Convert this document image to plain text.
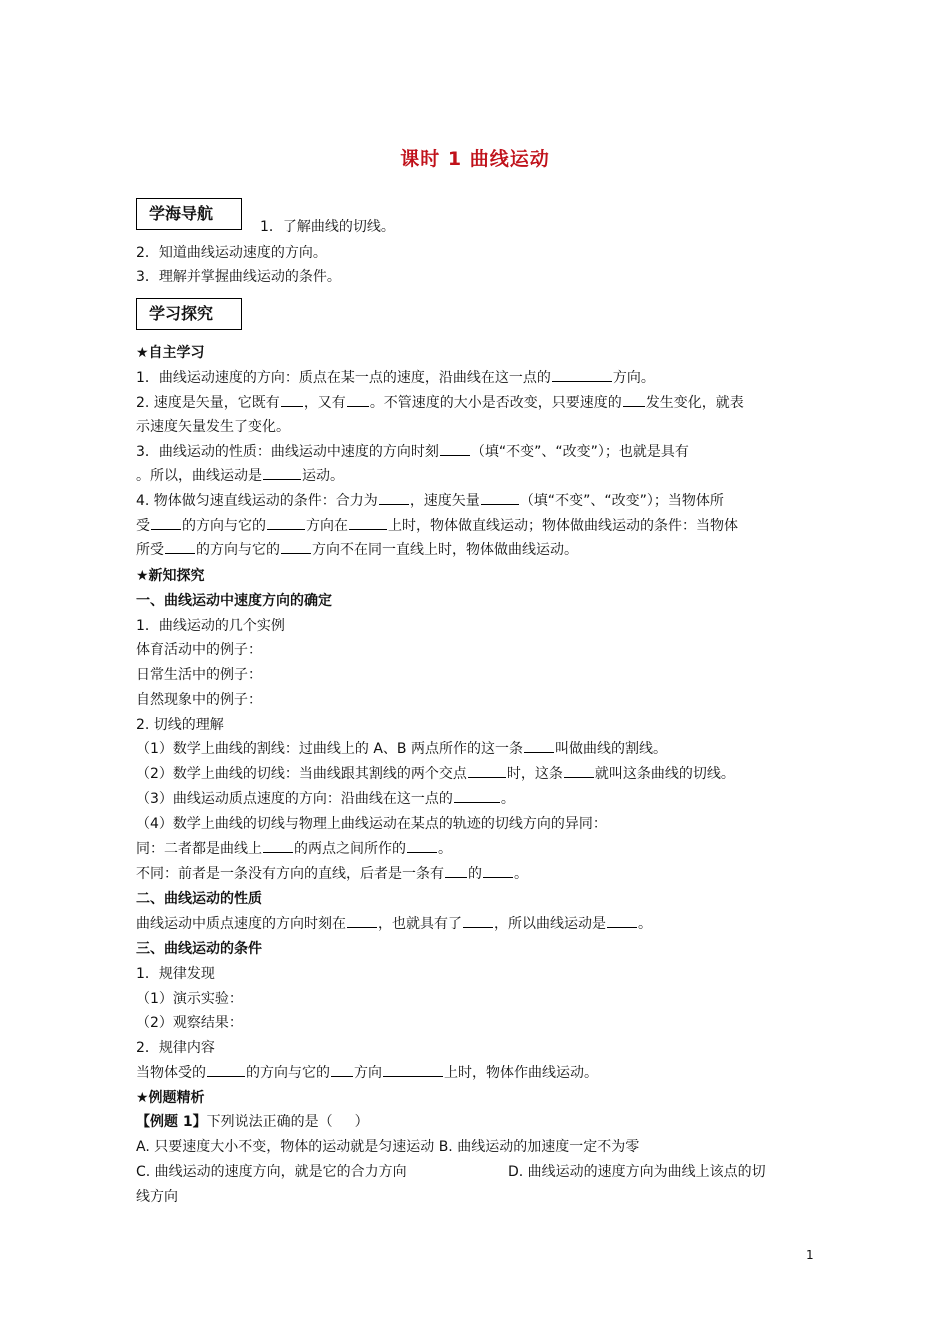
课时 1 曲线运动
学海导航
1．了解曲线的切线。
2．知道曲线运动速度的方向。
3．理解并掌握曲线运动的条件。
学习探究
★自主学习
1．曲线运动速度的方向：质点在某一点的速度，沿曲线在这一点的	方向。
2. 速度是矢量，它既有 ，又有 。不管速度的大小是否改变，只要速度的 发生变化，就表
示速度矢量发生了变化。
3．曲线运动的性质：曲线运动中速度的方向时刻 （填“不变”、“改变”）；也就是具有
。所以，曲线运动是	运动。
4. 物体做匀速直线运动的条件：合力为 ，速度矢量	（填“不变”、“改变”）；当物体所
受 的方向与它的	方向在	上时，物体做直线运动；物体做曲线运动的条件：当物体
所受 的方向与它的 方向不在同一直线上时，物体做曲线运动。
★新知探究
一、曲线运动中速度方向的确定
1．曲线运动的几个实例
体育活动中的例子：
日常生活中的例子：
自然现象中的例子：
2. 切线的理解
（1）数学上曲线的割线：过曲线上的 A、B 两点所作的这一条 叫做曲线的割线。
（2）数学上曲线的切线：当曲线跟其割线的两个交点	时，这条 就叫这条曲线的切线。
（3）曲线运动质点速度的方向：沿曲线在这一点的	。
（4）数学上曲线的切线与物理上曲线运动在某点的轨迹的切线方向的异同：
同：二者都是曲线上 的两点之间所作的 。
不同：前者是一条没有方向的直线，后者是一条有 的 。
二、曲线运动的性质
曲线运动中质点速度的方向时刻在 ，也就具有了 ，所以曲线运动是 。
三、曲线运动的条件
1．规律发现
（1）演示实验：
（2）观察结果：
2．规律内容
当物体受的	的方向与它的 方向	上时，物体作曲线运动。
★例题精析
【例题 1】下列说法正确的是（ ）
A. 只要速度大小不变，物体的运动就是匀速运动 B. 曲线运动的加速度一定不为零
C. 曲线运动的速度方向，就是它的合力方向	D. 曲线运动的速度方向为曲线上该点的切
线方向
1
